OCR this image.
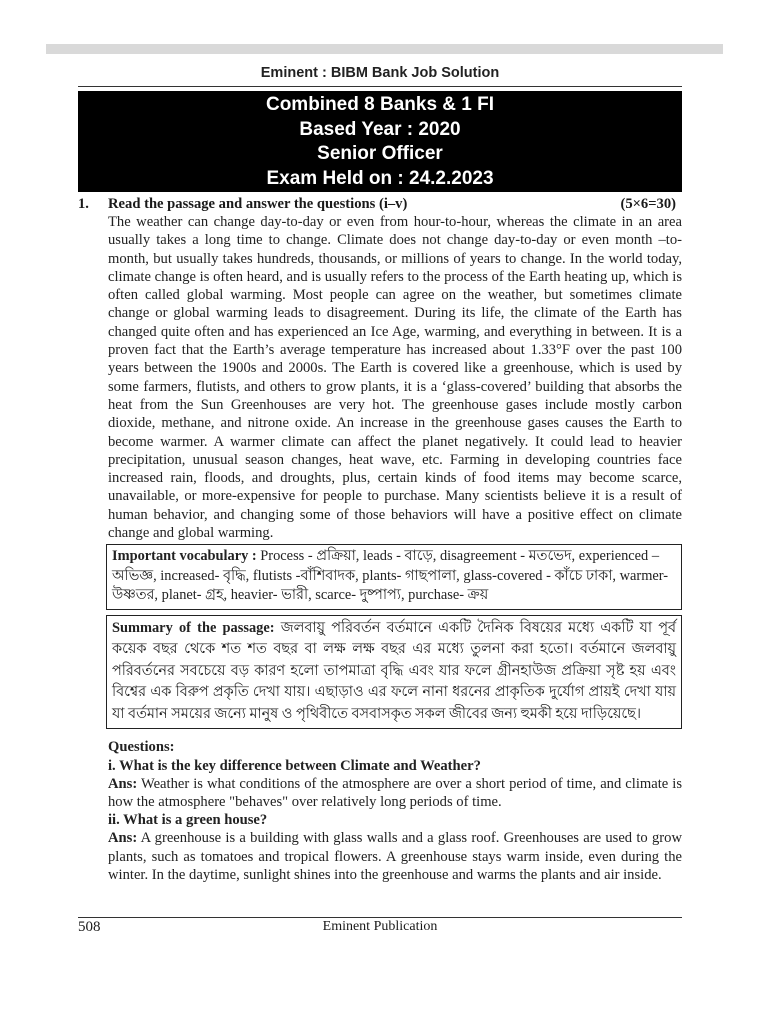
Eminent : BIBM Bank Job Solution
Combined 8 Banks & 1 FI
Based Year : 2020
Senior Officer
Exam Held on : 24.2.2023
1. Read the passage and answer the questions (i–v)	(5×6=30)
The weather can change day-to-day or even from hour-to-hour, whereas the climate in an area usually takes a long time to change. Climate does not change day-to-day or even month –to-month, but usually takes hundreds, thousands, or millions of years to change. In the world today, climate change is often heard, and is usually refers to the process of the Earth heating up, which is often called global warming. Most people can agree on the weather, but sometimes climate change or global warming leads to disagreement. During its life, the climate of the Earth has changed quite often and has experienced an Ice Age, warming, and everything in between. It is a proven fact that the Earth’s average temperature has increased about 1.33°F over the past 100 years between the 1900s and 2000s. The Earth is covered like a greenhouse, which is used by some farmers, flutists, and others to grow plants, it is a ‘glass-covered’ building that absorbs the heat from the Sun Greenhouses are very hot. The greenhouse gases include mostly carbon dioxide, methane, and nitrone oxide. An increase in the greenhouse gases causes the Earth to become warmer. A warmer climate can affect the planet negatively. It could lead to heavier precipitation, unusual season changes, heat wave, etc. Farming in developing countries face increased rain, floods, and droughts, plus, certain kinds of food items may become scarce, unavailable, or more-expensive for people to purchase. Many scientists believe it is a result of human behavior, and changing some of those behaviors will have a positive effect on climate change and global warming.
Important vocabulary : Process - প্রক্রিয়া, leads - বাড়ে, disagreement - মতভেদ, experienced – অভিজ্ঞ, increased- বৃদ্ধি, flutists -বাঁশিবাদক, plants- গাছপালা, glass-covered - কাঁচে ঢাকা, warmer- উষ্ণতর, planet- গ্রহ, heavier- ভারী, scarce- দুষ্পাপ্য, purchase- ক্রয়
Summary of the passage: জলবায়ু পরিবর্তন বর্তমানে একটি দৈনিক বিষয়ের মধ্যে একটি যা পূর্ব কয়েক বছর থেকে শত শত বছর বা লক্ষ লক্ষ বছর এর মধ্যে তুলনা করা হতো। বর্তমানে জলবায়ু পরিবর্তনের সবচেয়ে বড় কারণ হলো তাপমাত্রা বৃদ্ধি এবং যার ফলে গ্রীনহাউজ প্রক্রিয়া সৃষ্ট হয় এবং বিশ্বের এক বিরুপ প্রকৃতি দেখা যায়। এছাড়াও এর ফলে নানা ধরনের প্রাকৃতিক দুর্যোগ প্রায়ই দেখা যায় যা বর্তমান সময়ের জন্যে মানুষ ও পৃথিবীতে বসবাসকৃত সকল জীবের জন্য হুমকী হয়ে দাড়িয়েছে।
Questions:
i. What is the key difference between Climate and Weather?

Ans: Weather is what conditions of the atmosphere are over a short period of time, and climate is how the atmosphere "behaves" over relatively long periods of time.

ii. What is a green house?

Ans: A greenhouse is a building with glass walls and a glass roof. Greenhouses are used to grow plants, such as tomatoes and tropical flowers. A greenhouse stays warm inside, even during the winter. In the daytime, sunlight shines into the greenhouse and warms the plants and air inside.

508	Eminent Publication
